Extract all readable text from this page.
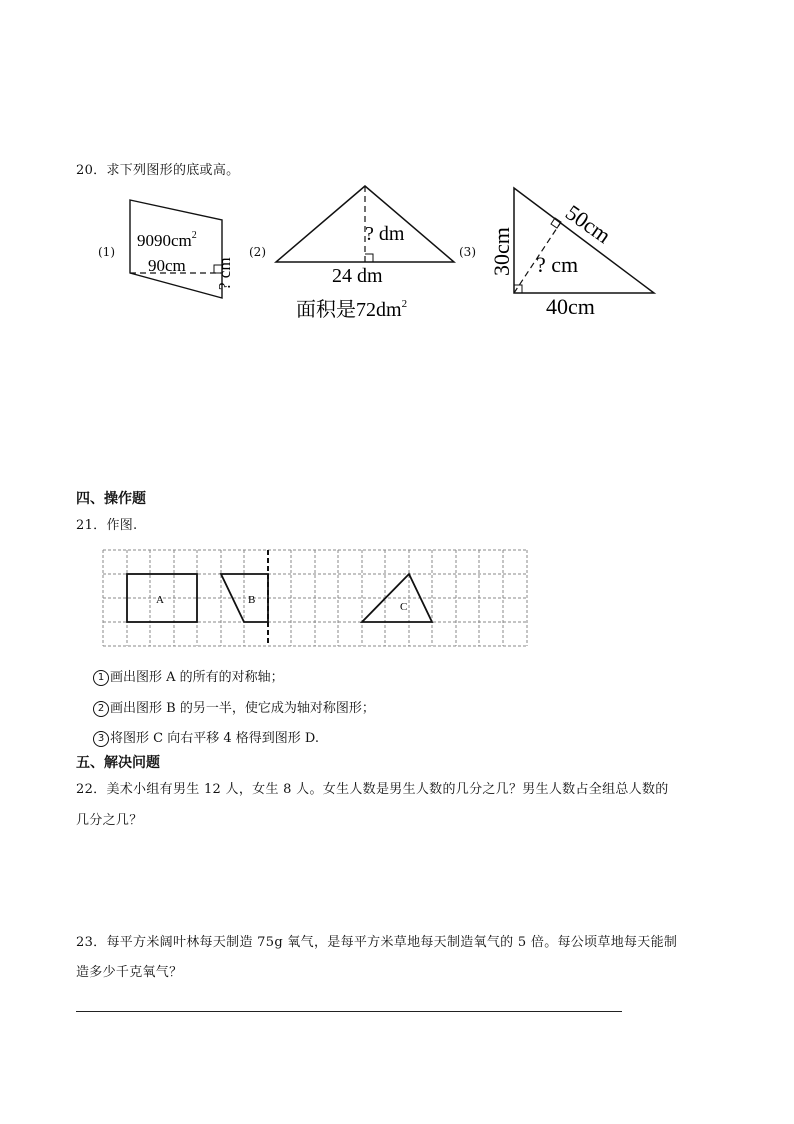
20．求下列图形的底或高。
(1)	(2)	(3)
$9090cm^2$
90cm ? cm
? dm
24 dm
面积是$72dm^2$
30cm
50cm
? cm
40cm
四、操作题
21．作图.
A	B
C
1 画出图形 A 的所有的对称轴；
2 画出图形 B 的另一半，使它成为轴对称图形；
3 将图形 C 向右平移 4 格得到图形 D.
五、解决问题
22．美术小组有男生 12 人，女生 8 人。女生人数是男生人数的几分之几？男生人数占全组总人数的
几分之几？
23．每平方米阔叶林每天制造 75g 氧气，是每平方米草地每天制造氧气的 5 倍。每公顷草地每天能制
造多少千克氧气？
